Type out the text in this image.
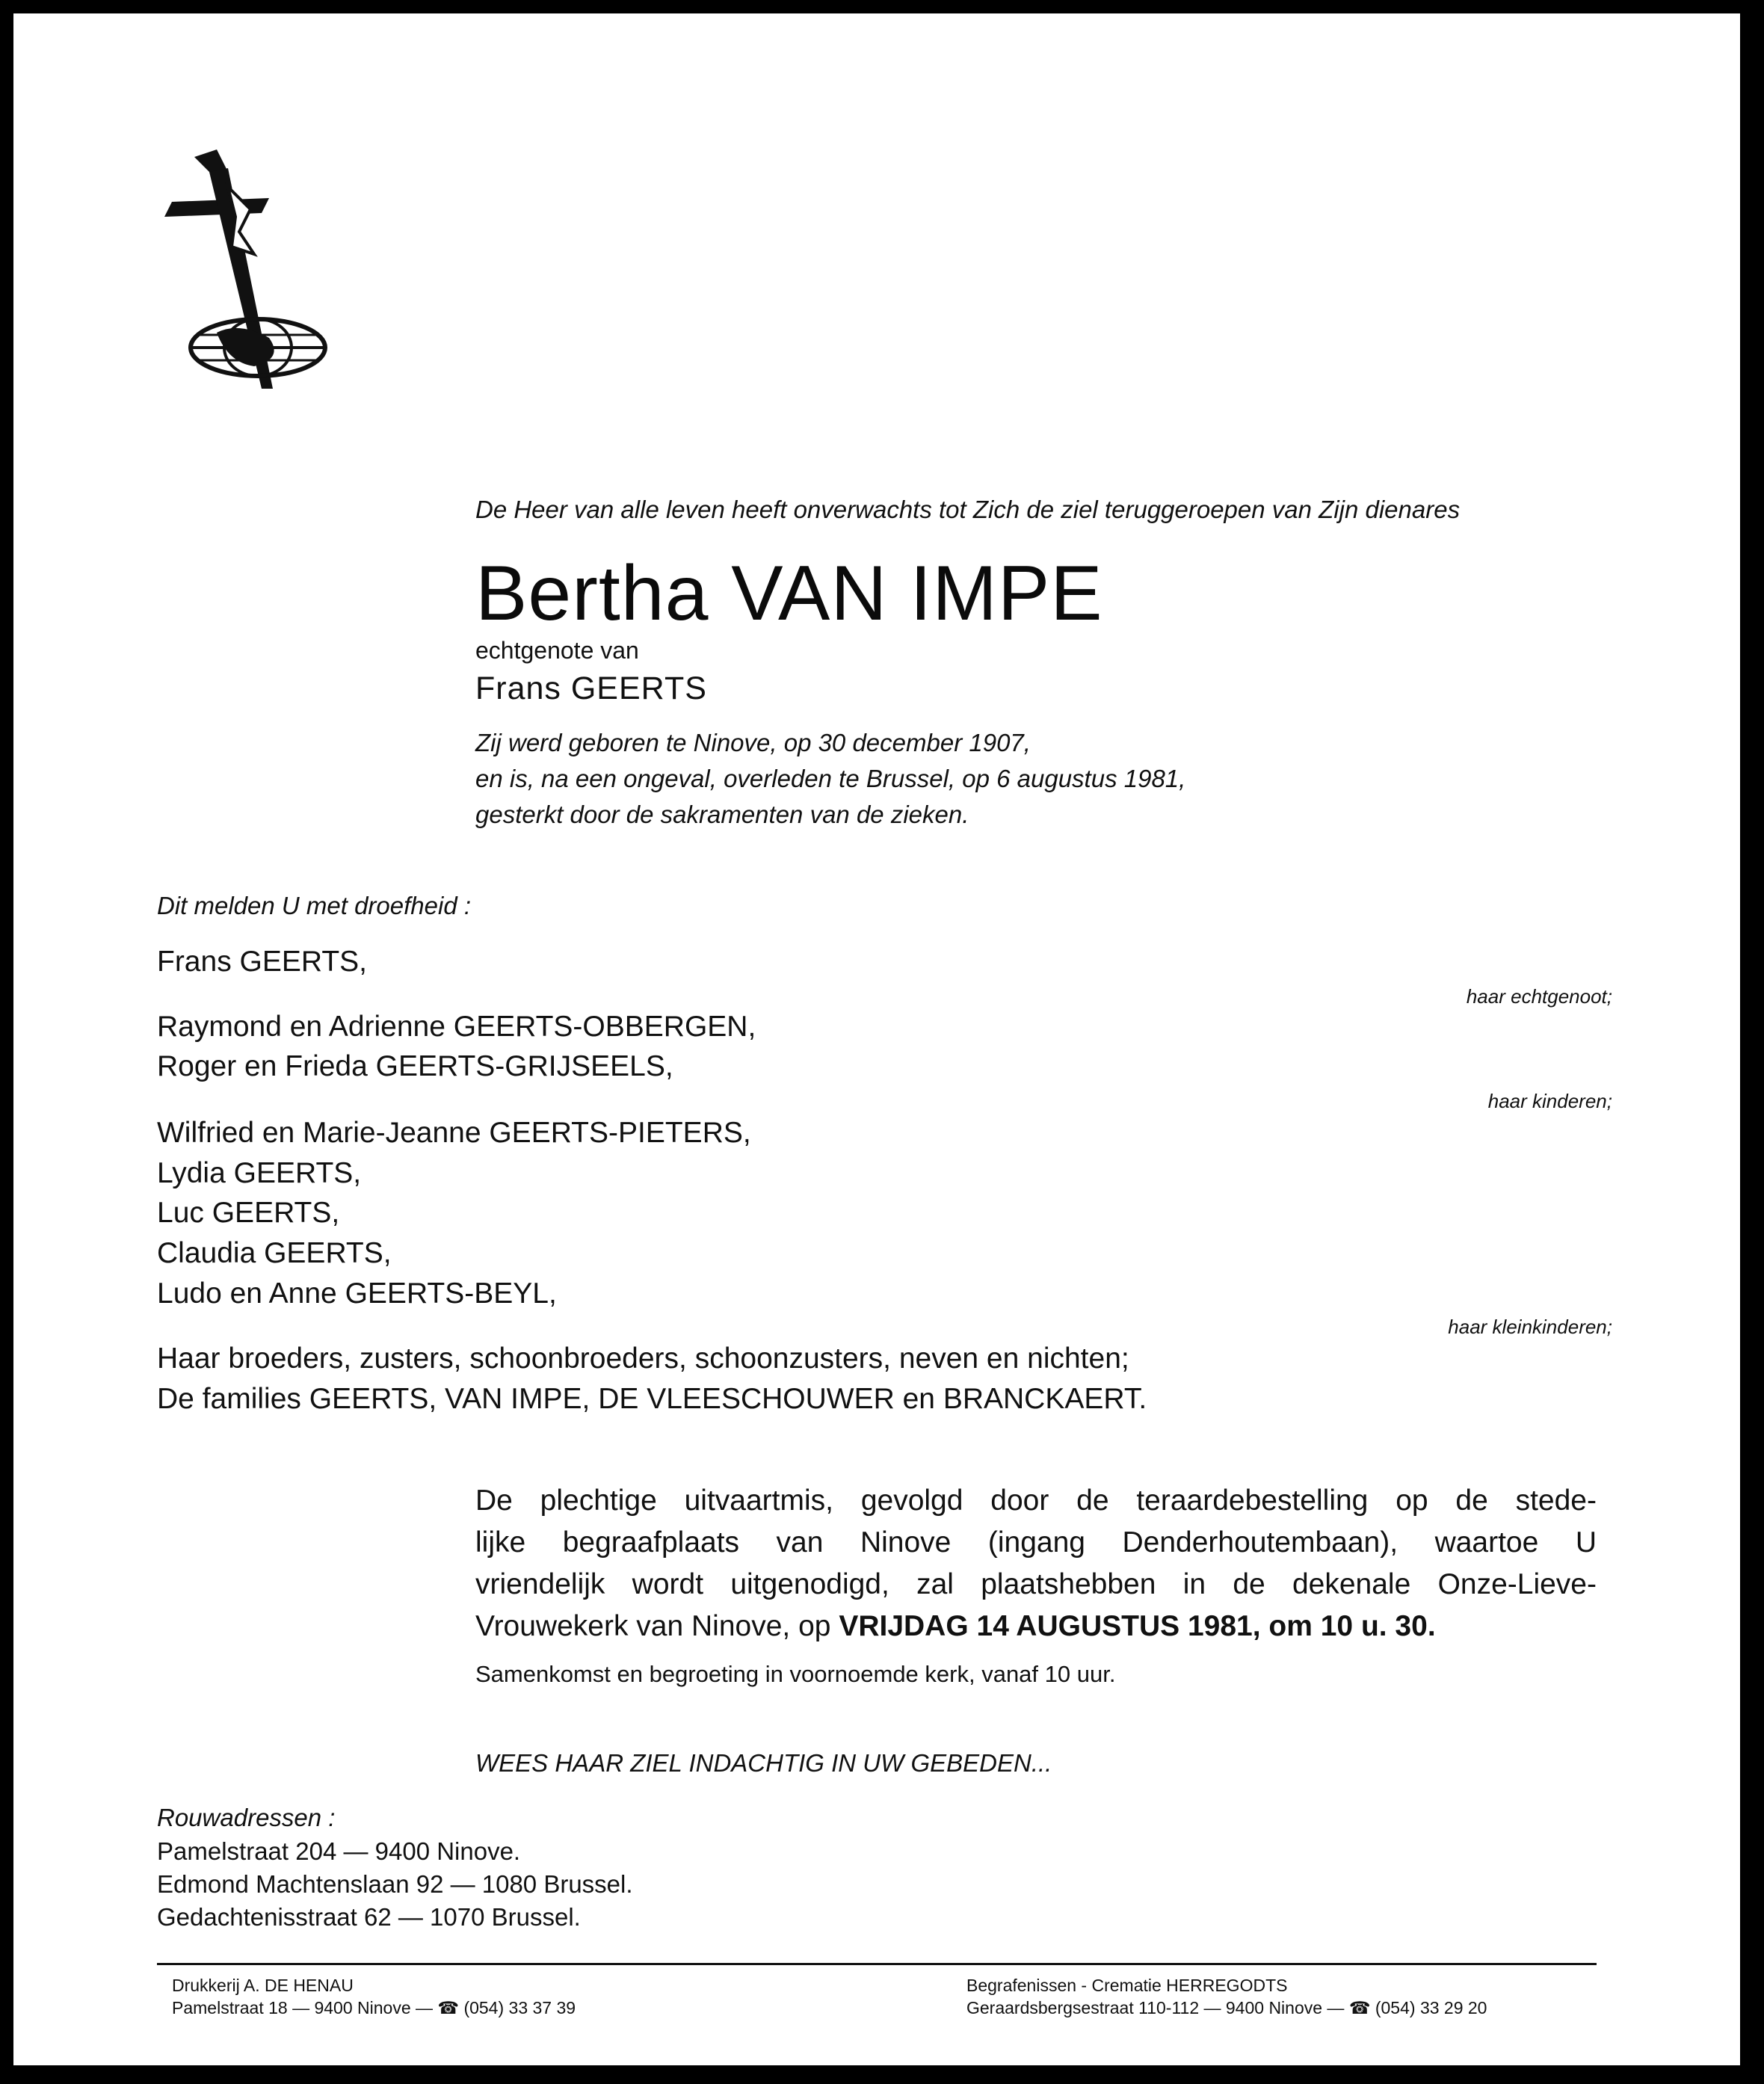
De Heer van alle leven heeft onverwachts tot Zich de ziel teruggeroepen van Zijn dienares
Bertha VAN IMPE
echtgenote van
Frans GEERTS
Zij werd geboren te Ninove, op 30 december 1907,
en is, na een ongeval, overleden te Brussel, op 6 augustus 1981,
gesterkt door de sakramenten van de zieken.
Dit melden U met droefheid :
Frans GEERTS,
haar echtgenoot;
Raymond en Adrienne GEERTS-OBBERGEN,
Roger en Frieda GEERTS-GRIJSEELS,
haar kinderen;
Wilfried en Marie-Jeanne GEERTS-PIETERS,
Lydia GEERTS,
Luc GEERTS,
Claudia GEERTS,
Ludo en Anne GEERTS-BEYL,
haar kleinkinderen;
Haar broeders, zusters, schoonbroeders, schoonzusters, neven en nichten;
De families GEERTS, VAN IMPE, DE VLEESCHOUWER en BRANCKAERT.
De plechtige uitvaartmis, gevolgd door de teraardebestelling op de stede-
lijke begraafplaats van Ninove (ingang Denderhoutembaan), waartoe U
vriendelijk wordt uitgenodigd, zal plaatshebben in de dekenale Onze-Lieve-
Vrouwekerk van Ninove, op VRIJDAG 14 AUGUSTUS 1981, om 10 u. 30.
Samenkomst en begroeting in voornoemde kerk, vanaf 10 uur.
WEES HAAR ZIEL INDACHTIG IN UW GEBEDEN...
Rouwadressen :
Pamelstraat 204 — 9400 Ninove.
Edmond Machtenslaan 92 — 1080 Brussel.
Gedachtenisstraat 62 — 1070 Brussel.
Drukkerij A. DE HENAU
Pamelstraat 18 — 9400 Ninove — ☎ (054) 33 37 39
Begrafenissen - Crematie HERREGODTS
Geraardsbergsestraat 110-112 — 9400 Ninove — ☎ (054) 33 29 20
